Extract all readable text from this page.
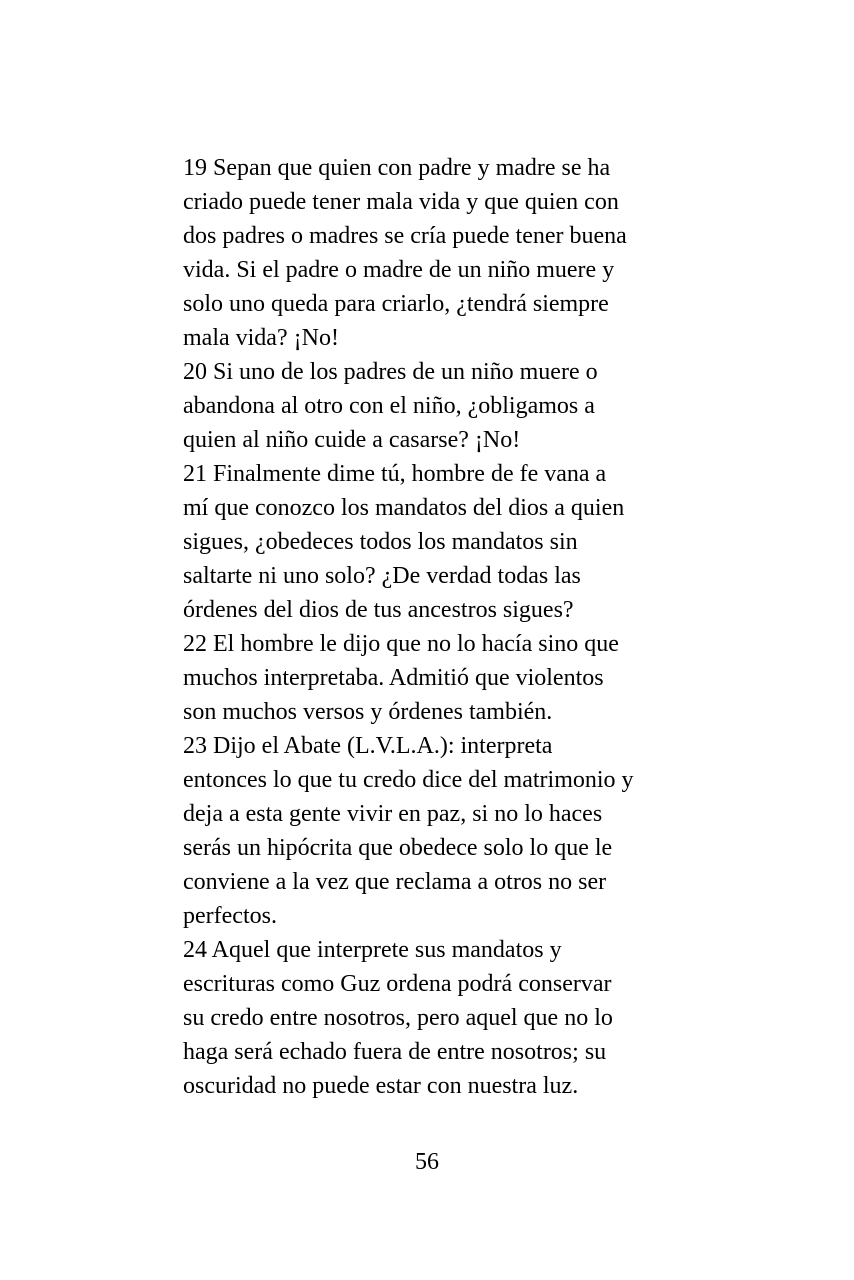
19 Sepan que quien con padre y madre se ha
criado puede tener mala vida y que quien con
dos padres o madres se cría puede tener buena
vida. Si el padre o madre de un niño muere y
solo uno queda para criarlo, ¿tendrá siempre
mala vida? ¡No!
20 Si uno de los padres de un niño muere o
abandona al otro con el niño, ¿obligamos a
quien al niño cuide a casarse? ¡No!
21 Finalmente dime tú, hombre de fe vana a
mí que conozco los mandatos del dios a quien
sigues, ¿obedeces todos los mandatos sin
saltarte ni uno solo? ¿De verdad todas las
órdenes del dios de tus ancestros sigues?
22 El hombre le dijo que no lo hacía sino que
muchos interpretaba. Admitió que violentos
son muchos versos y órdenes también.
23 Dijo el Abate (L.V.L.A.): interpreta
entonces lo que tu credo dice del matrimonio y
deja a esta gente vivir en paz, si no lo haces
serás un hipócrita que obedece solo lo que le
conviene a la vez que reclama a otros no ser
perfectos.
24 Aquel que interprete sus mandatos y
escrituras como Guz ordena podrá conservar
su credo entre nosotros, pero aquel que no lo
haga será echado fuera de entre nosotros; su
oscuridad no puede estar con nuestra luz.
56
